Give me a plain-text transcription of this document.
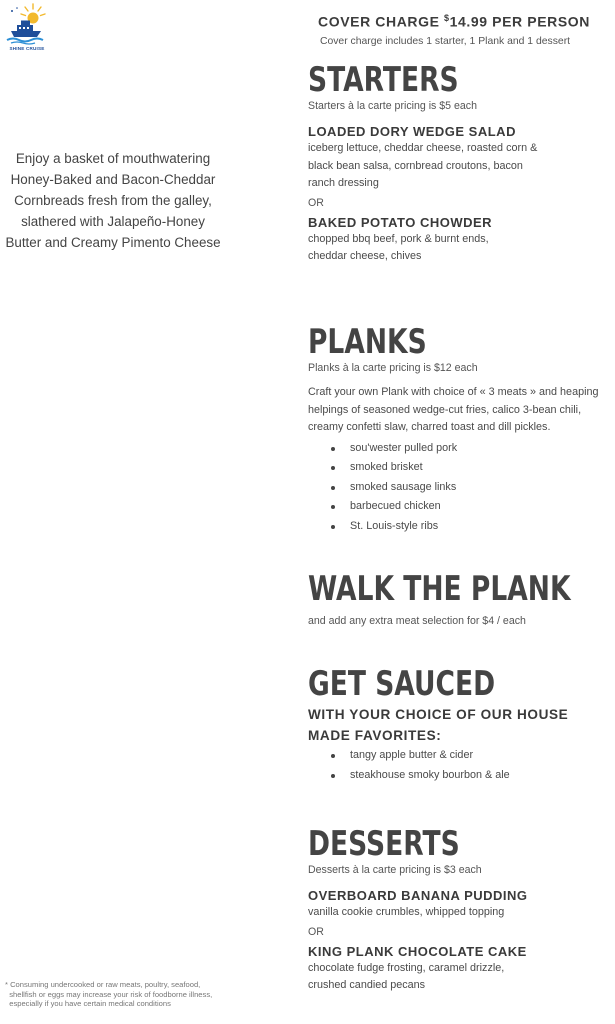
SHINE CRUISE
Enjoy a basket of mouthwatering
Honey-Baked and Bacon-Cheddar
Cornbreads fresh from the galley,
slathered with Jalapeño-Honey
Butter and Creamy Pimento Cheese
* Consuming undercooked or raw meats, poultry, seafood,
shellfish or eggs may increase your risk of foodborne illness,
especially if you have certain medical conditions
COVER CHARGE $14.99 PER PERSON
Cover charge includes 1 starter, 1 Plank and 1 dessert
STARTERS
Starters à la carte pricing is $5 each
LOADED DORY WEDGE SALAD
iceberg lettuce, cheddar cheese, roasted corn & black bean salsa, cornbread croutons, bacon ranch dressing
OR
BAKED POTATO CHOWDER
chopped bbq beef, pork & burnt ends,
cheddar cheese, chives
PLANKS
Planks à la carte pricing is $12 each
Craft your own Plank with choice of « 3 meats » and heaping helpings of seasoned wedge-cut fries, calico 3-bean chili, creamy confetti slaw, charred toast and dill pickles.
sou'wester pulled pork
smoked brisket
smoked sausage links
barbecued chicken
St. Louis-style ribs
WALK THE PLANK
and add any extra meat selection for $4 / each
GET SAUCED
WITH YOUR CHOICE OF OUR HOUSE
MADE FAVORITES:
tangy apple butter & cider
steakhouse smoky bourbon & ale
DESSERTS
Desserts à la carte pricing is $3 each
OVERBOARD BANANA PUDDING
vanilla cookie crumbles, whipped topping
OR
KING PLANK CHOCOLATE CAKE
chocolate fudge frosting, caramel drizzle,
crushed candied pecans
